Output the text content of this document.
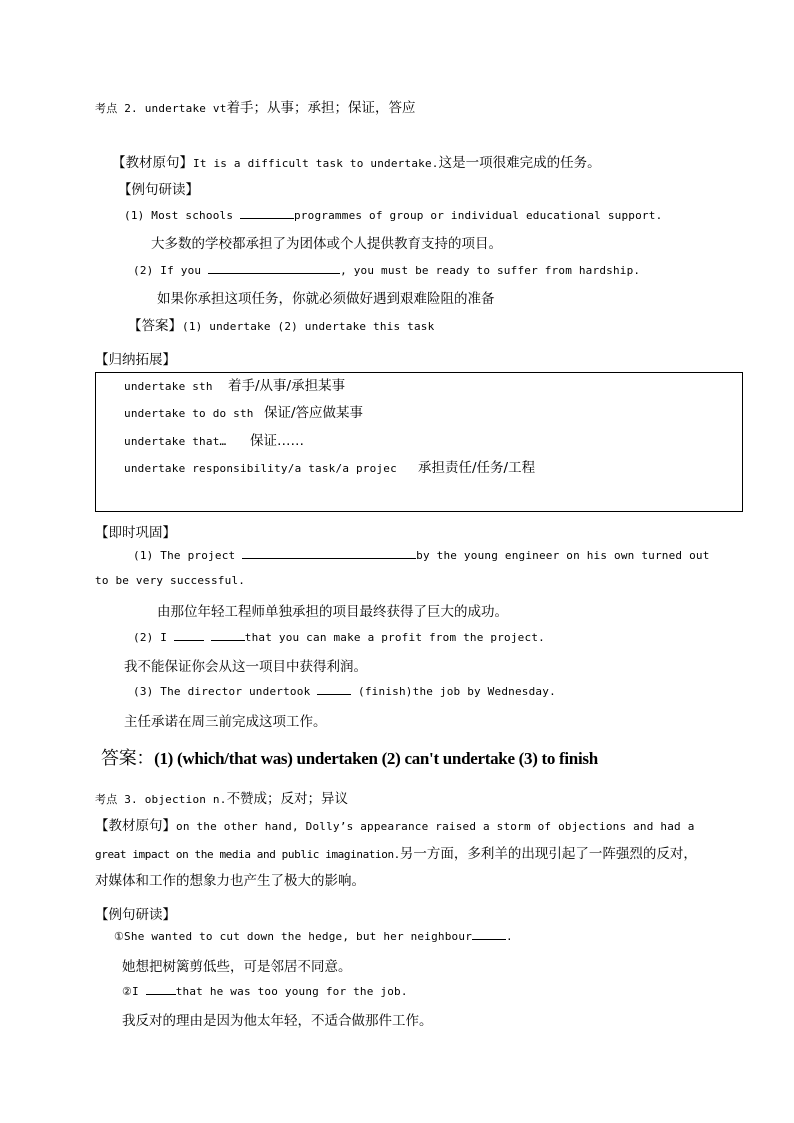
考点 2. undertake vt着手；从事；承担；保证，答应
【教材原句】It is a difficult task to undertake.这是一项很难完成的任务。
【例句研读】
(1) Most schools	programmes of group or individual educational support.
大多数的学校都承担了为团体或个人提供教育支持的项目。
(2) If you	, you must be ready to suffer from hardship.
如果你承担这项任务，你就必须做好遇到艰难险阻的准备
【答案】(1) undertake (2) undertake this task
【归纳拓展】
undertake sth 着手/从事/承担某事
undertake to do sth 保证/答应做某事
undertake that… 保证……
undertake responsibility/a task/a projec 承担责任/任务/工程
【即时巩固】
(1) The project	by the young engineer on his own turned out
to be very successful.
由那位年轻工程师单独承担的项目最终获得了巨大的成功。
(2) I	that you can make a profit from the project.
我不能保证你会从这一项目中获得利润。
(3) The director undertook	(finish)the job by Wednesday.
主任承诺在周三前完成这项工作。
答案：(1) (which/that was) undertaken (2) can't undertake (3) to finish
考点 3. objection n.不赞成；反对；异议
【教材原句】on the other hand, Dolly’s appearance raised a storm of objections and had a
great impact on the media and public imagination.另一方面，多利羊的出现引起了一阵强烈的反对，
对媒体和工作的想象力也产生了极大的影响。
【例句研读】
①She wanted to cut down the hedge, but her neighbour	.
她想把树篱剪低些，可是邻居不同意。
②I	that he was too young for the job.
我反对的理由是因为他太年轻，不适合做那件工作。
